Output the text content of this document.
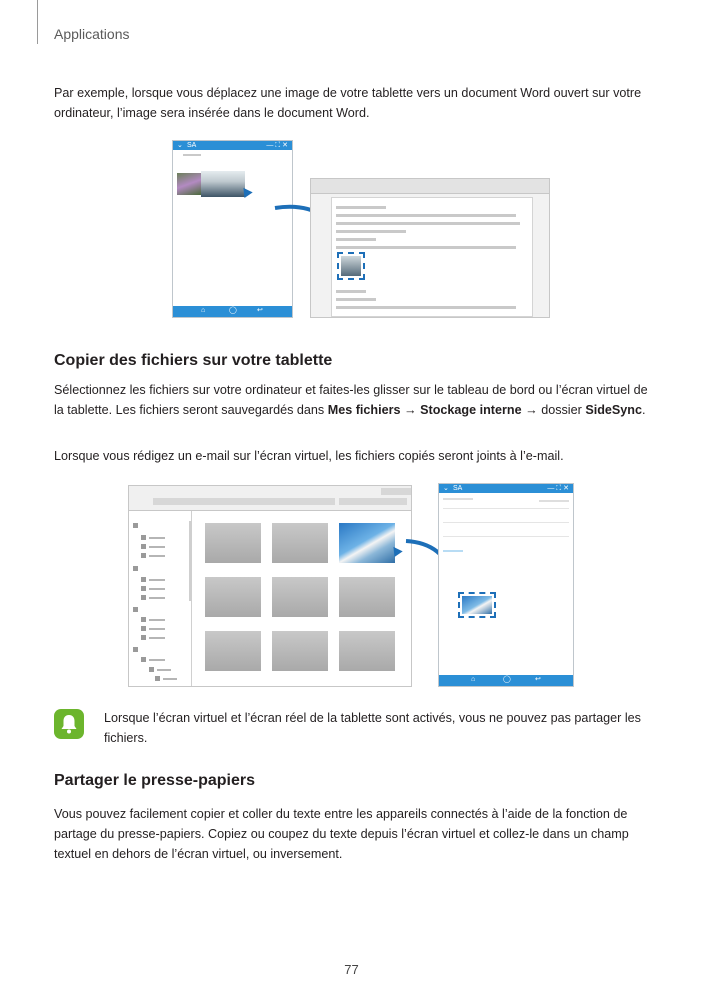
Applications

Par exemple, lorsque vous déplacez une image de votre tablette vers un document Word ouvert sur votre ordinateur, l’image sera insérée dans le document Word.

⌄ SA	— ⛶ ✕
⌂	◯	↩
Copier des fichiers sur votre tablette

Sélectionnez les fichiers sur votre ordinateur et faites-les glisser sur le tableau de bord ou l’écran virtuel de la tablette. Les fichiers seront sauvegardés dans Mes fichiers → Stockage interne → dossier SideSync.

Lorsque vous rédigez un e-mail sur l’écran virtuel, les fichiers copiés seront joints à l’e-mail.

⌄ SA	— ⛶ ✕
⌂	◯	↩

Lorsque l’écran virtuel et l’écran réel de la tablette sont activés, vous ne pouvez pas partager les fichiers.

Partager le presse-papiers

Vous pouvez facilement copier et coller du texte entre les appareils connectés à l’aide de la fonction de partage du presse-papiers. Copiez ou coupez du texte depuis l’écran virtuel et collez-le dans un champ textuel en dehors de l’écran virtuel, ou inversement.

77
